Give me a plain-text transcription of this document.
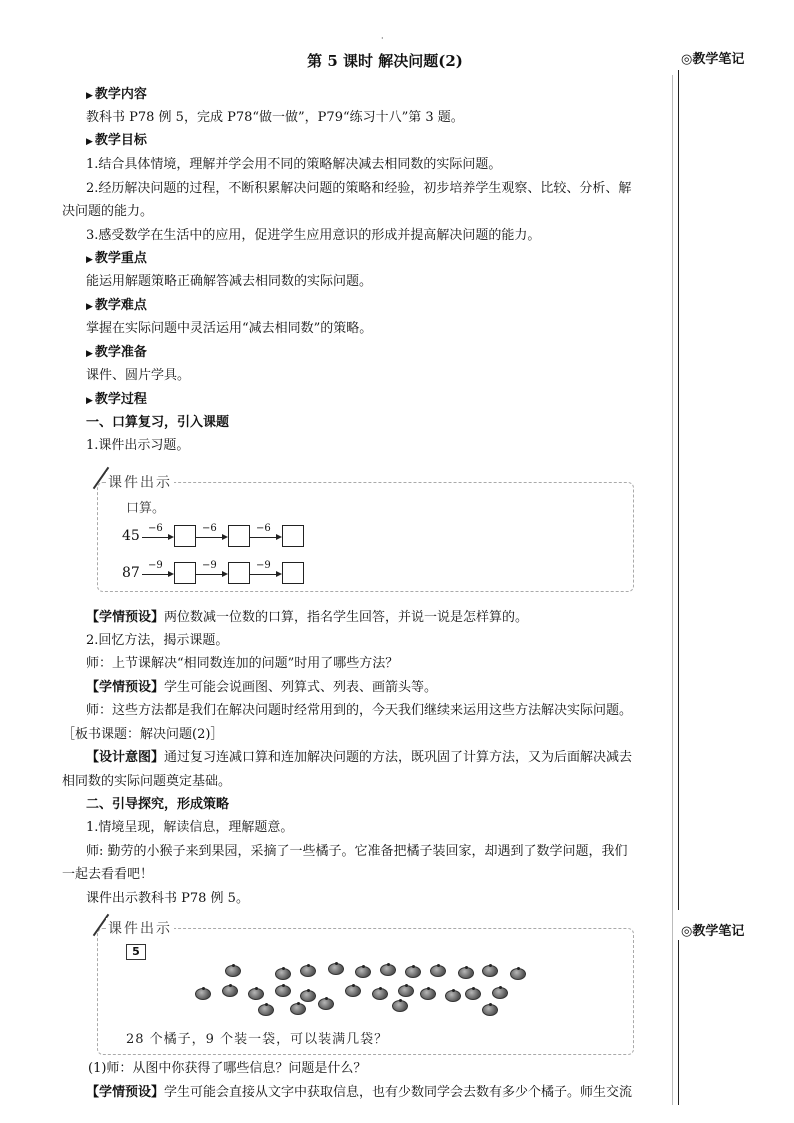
·
第 5 课时 解决问题(2)	◎教学笔记
◎教学笔记
▶ 教学内容
教科书 P78 例 5，完成 P78“做一做”，P79“练习十八”第 3 题。
▶ 教学目标
1.结合具体情境，理解并学会用不同的策略解决减去相同数的实际问题。
2.经历解决问题的过程，不断积累解决问题的策略和经验，初步培养学生观察、比较、分析、解
决问题的能力。
3.感受数学在生活中的应用，促进学生应用意识的形成并提高解决问题的能力。
▶ 教学重点
能运用解题策略正确解答减去相同数的实际问题。
▶ 教学难点
掌握在实际问题中灵活运用“减去相同数”的策略。
▶ 教学准备
课件、圆片学具。
▶ 教学过程
一、口算复习，引入课题
1.课件出示习题。
课件出示
口算。
45 −6	−6	−6
87 −9	−9	−9
【学情预设】两位数减一位数的口算，指名学生回答，并说一说是怎样算的。
2.回忆方法，揭示课题。
师：上节课解决“相同数连加的问题”时用了哪些方法？
【学情预设】学生可能会说画图、列算式、列表、画箭头等。
师：这些方法都是我们在解决问题时经常用到的，今天我们继续来运用这些方法解决实际问题。
［板书课题：解决问题(2)］
【设计意图】通过复习连减口算和连加解决问题的方法，既巩固了计算方法，又为后面解决减去
相同数的实际问题奠定基础。
二、引导探究，形成策略
1.情境呈现，解读信息，理解题意。
师: 勤劳的小猴子来到果园，采摘了一些橘子。它准备把橘子装回家，却遇到了数学问题，我们
一起去看看吧！
课件出示教科书 P78 例 5。
课件出示
5
28 个橘子，9 个装一袋，可以装满几袋？
(1)师：从图中你获得了哪些信息？问题是什么？
【学情预设】学生可能会直接从文字中获取信息，也有少数同学会去数有多少个橘子。师生交流
